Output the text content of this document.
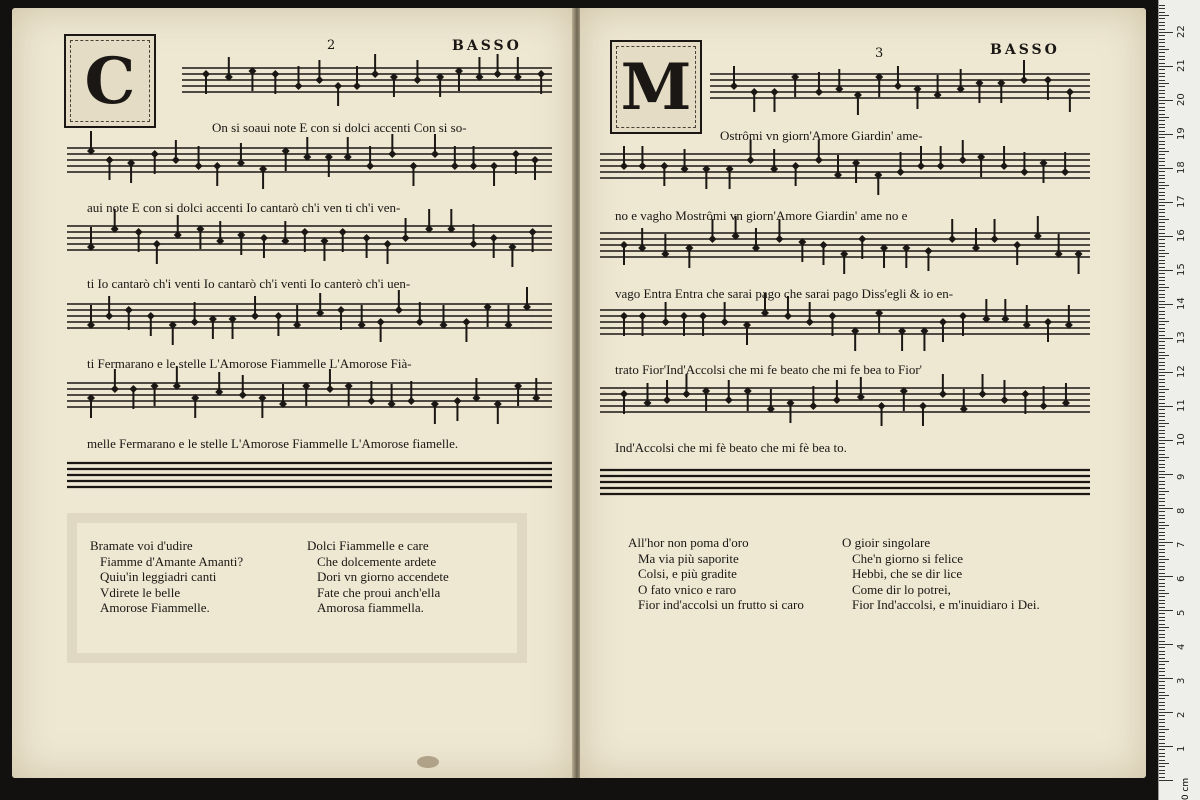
2	BASSO
C
On si soaui note E con si dolci accenti Con si so-
aui note E con si dolci accenti Io cantarò ch'i ven ti ch'i ven-
ti Io cantarò ch'i venti Io cantarò ch'i venti Io canterò ch'i uen-
ti Fermarano e le stelle L'Amorose Fiammelle L'Amorose Fià-
melle Fermarano e le stelle L'Amorose Fiammelle L'Amorose fiamelle.
Bramate voi d'udire
Fiamme d'Amante Amanti?
Quiu'in leggiadri canti
Vdirete le belle
Amorose Fiammelle.
Dolci Fiammelle e care
Che dolcemente ardete
Dori vn giorno accendete
Fate che proui anch'ella
Amorosa fiammella.
3	BASSO
M
Ostrômi vn giorn'Amore Giardin' ame-
no e vagho Mostrômi vn giorn'Amore Giardin' ame no e
vago Entra Entra che sarai pago che sarai pago Diss'egli & io en-
trato Fior'Ind'Accolsi che mi fe beato che mi fe bea to Fior'
Ind'Accolsi che mi fè beato che mi fè bea to.
All'hor non poma d'oro
Ma via più saporite
Colsi, e più gradite
O fato vnico e raro
Fior ind'accolsi un frutto si caro
O gioir singolare
Che'n giorno si felice
Hebbi, che se dir lice
Come dir lo potrei,
Fior Ind'accolsi, e m'inuidiaro i Dei.
0 cm
1
2
3
4
5
6
7
8
9
10
11
12
13
14
15
16
17
18
19
20
21
22
